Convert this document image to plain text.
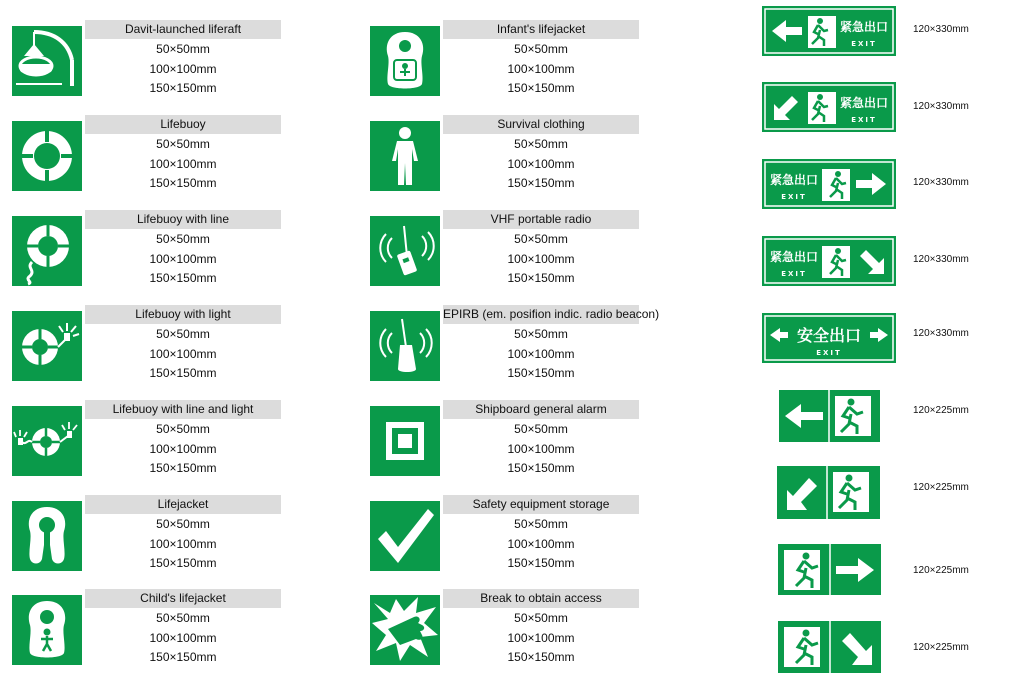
Davit-launched liferaft
50×50mm
100×100mm
150×150mm
Lifebuoy
50×50mm
100×100mm
150×150mm
Lifebuoy with line
50×50mm
100×100mm
150×150mm
Lifebuoy with light
50×50mm
100×100mm
150×150mm
Lifebuoy with line and light
50×50mm
100×100mm
150×150mm
Lifejacket
50×50mm
100×100mm
150×150mm
Child's lifejacket
50×50mm
100×100mm
150×150mm
Infant's lifejacket
50×50mm
100×100mm
150×150mm
Survival clothing
50×50mm
100×100mm
150×150mm
VHF portable radio
50×50mm
100×100mm
150×150mm
EPIRB (em. posifion indic. radio beacon)
50×50mm
100×100mm
150×150mm
Shipboard general alarm
50×50mm
100×100mm
150×150mm
Safety equipment storage
50×50mm
100×100mm
150×150mm
Break to obtain access
50×50mm
100×100mm
150×150mm
紧急出口
EXIT
120×330mm
紧急出口
EXIT
120×330mm
紧急出口
EXIT
120×330mm
紧急出口
EXIT
120×330mm
安全出口
EXIT
120×330mm
120×225mm
120×225mm
120×225mm
120×225mm
